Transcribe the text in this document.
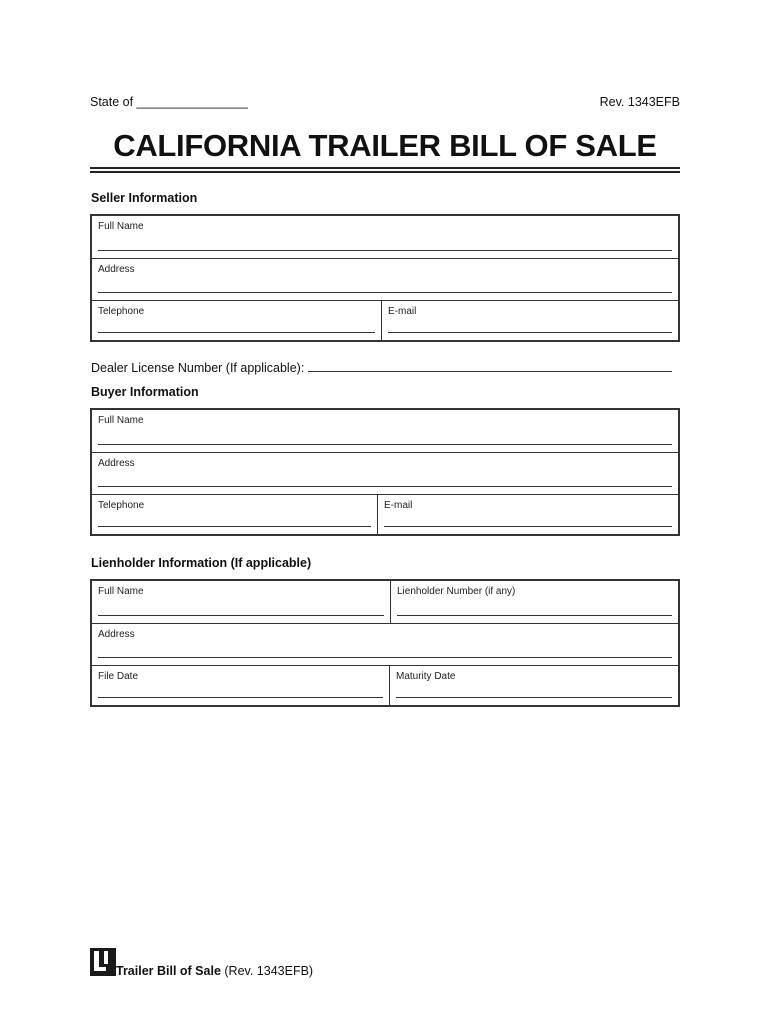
State of ________________	Rev. 1343EFB
CALIFORNIA TRAILER BILL OF SALE
Seller Information
Full Name
Address
Telephone	E-mail
Dealer License Number (If applicable):
Buyer Information
Full Name
Address
Telephone	E-mail
Lienholder Information (If applicable)
Full Name	Lienholder Number (if any)
Address
File Date	Maturity Date
Trailer Bill of Sale (Rev. 1343EFB)
